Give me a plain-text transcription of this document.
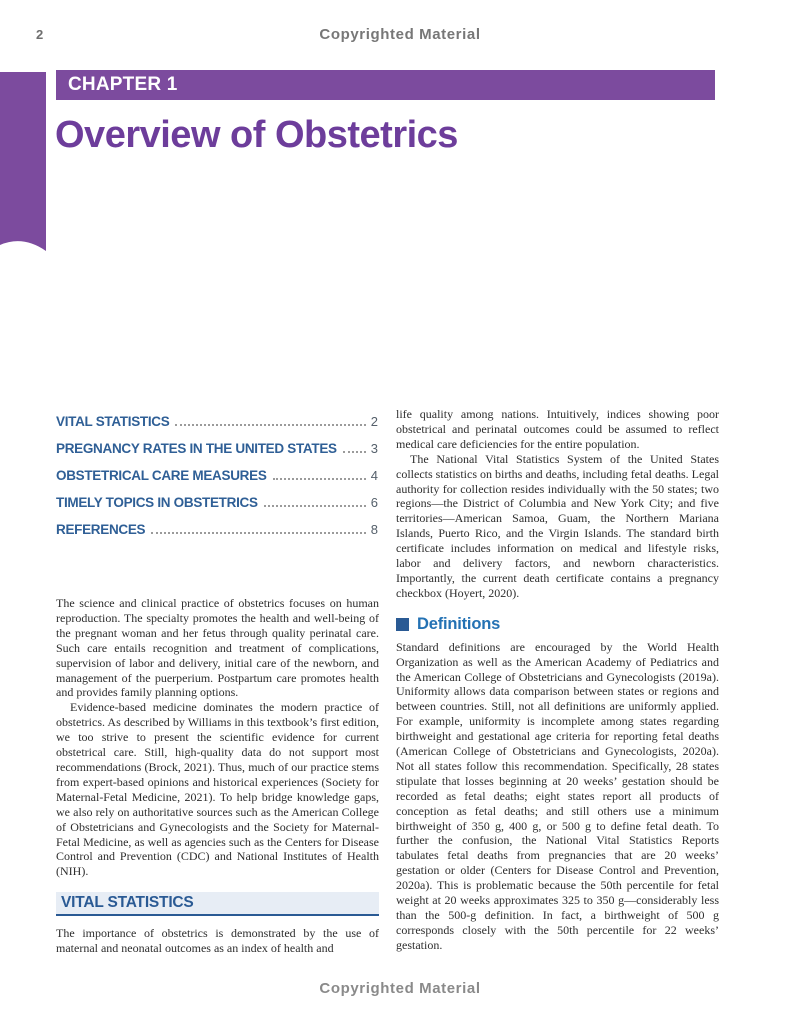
2	Copyrighted Material
CHAPTER 1
Overview of Obstetrics
VITAL STATISTICS	2
PREGNANCY RATES IN THE UNITED STATES	3
OBSTETRICAL CARE MEASURES	4
TIMELY TOPICS IN OBSTETRICS	6
REFERENCES	8

The science and clinical practice of obstetrics focuses on human reproduction. The specialty promotes the health and well-being of the pregnant woman and her fetus through quality perinatal care. Such care entails recognition and treatment of complications, supervision of labor and delivery, initial care of the newborn, and management of the puerperium. Postpartum care promotes health and provides family planning options.

Evidence-based medicine dominates the modern practice of obstetrics. As described by Williams in this textbook’s first edition, we too strive to present the scientific evidence for current obstetrical care. Still, high-quality data do not support most recommendations (Brock, 2021). Thus, much of our practice stems from expert-based opinions and historical experiences (Society for Maternal-Fetal Medicine, 2021). To help bridge knowledge gaps, we also rely on authoritative sources such as the American College of Obstetricians and Gynecologists and the Society for Maternal-Fetal Medicine, as well as agencies such as the Centers for Disease Control and Prevention (CDC) and National Institutes of Health (NIH).

VITAL STATISTICS

The importance of obstetrics is demonstrated by the use of maternal and neonatal outcomes as an index of health and

life quality among nations. Intuitively, indices showing poor obstetrical and perinatal outcomes could be assumed to reflect medical care deficiencies for the entire population.

The National Vital Statistics System of the United States collects statistics on births and deaths, including fetal deaths. Legal authority for collection resides individually with the 50 states; two regions—the District of Columbia and New York City; and five territories—American Samoa, Guam, the Northern Mariana Islands, Puerto Rico, and the Virgin Islands. The standard birth certificate includes information on medical and lifestyle risks, labor and delivery factors, and newborn characteristics. Importantly, the current death certificate contains a pregnancy checkbox (Hoyert, 2020).

Definitions

Standard definitions are encouraged by the World Health Organization as well as the American Academy of Pediatrics and the American College of Obstetricians and Gynecologists (2019a). Uniformity allows data comparison between states or regions and between countries. Still, not all definitions are uniformly applied. For example, uniformity is incomplete among states regarding birthweight and gestational age criteria for reporting fetal deaths (American College of Obstetricians and Gynecologists, 2020a). Not all states follow this recommendation. Specifically, 28 states stipulate that losses beginning at 20 weeks’ gestation should be recorded as fetal deaths; eight states report all products of conception as fetal deaths; and still others use a minimum birthweight of 350 g, 400 g, or 500 g to define fetal death. To further the confusion, the National Vital Statistics Reports tabulates fetal deaths from pregnancies that are 20 weeks’ gestation or older (Centers for Disease Control and Prevention, 2020a). This is problematic because the 50th percentile for fetal weight at 20 weeks approximates 325 to 350 g—considerably less than the 500-g definition. In fact, a birthweight of 500 g corresponds closely with the 50th percentile for 22 weeks’ gestation.

Copyrighted Material
